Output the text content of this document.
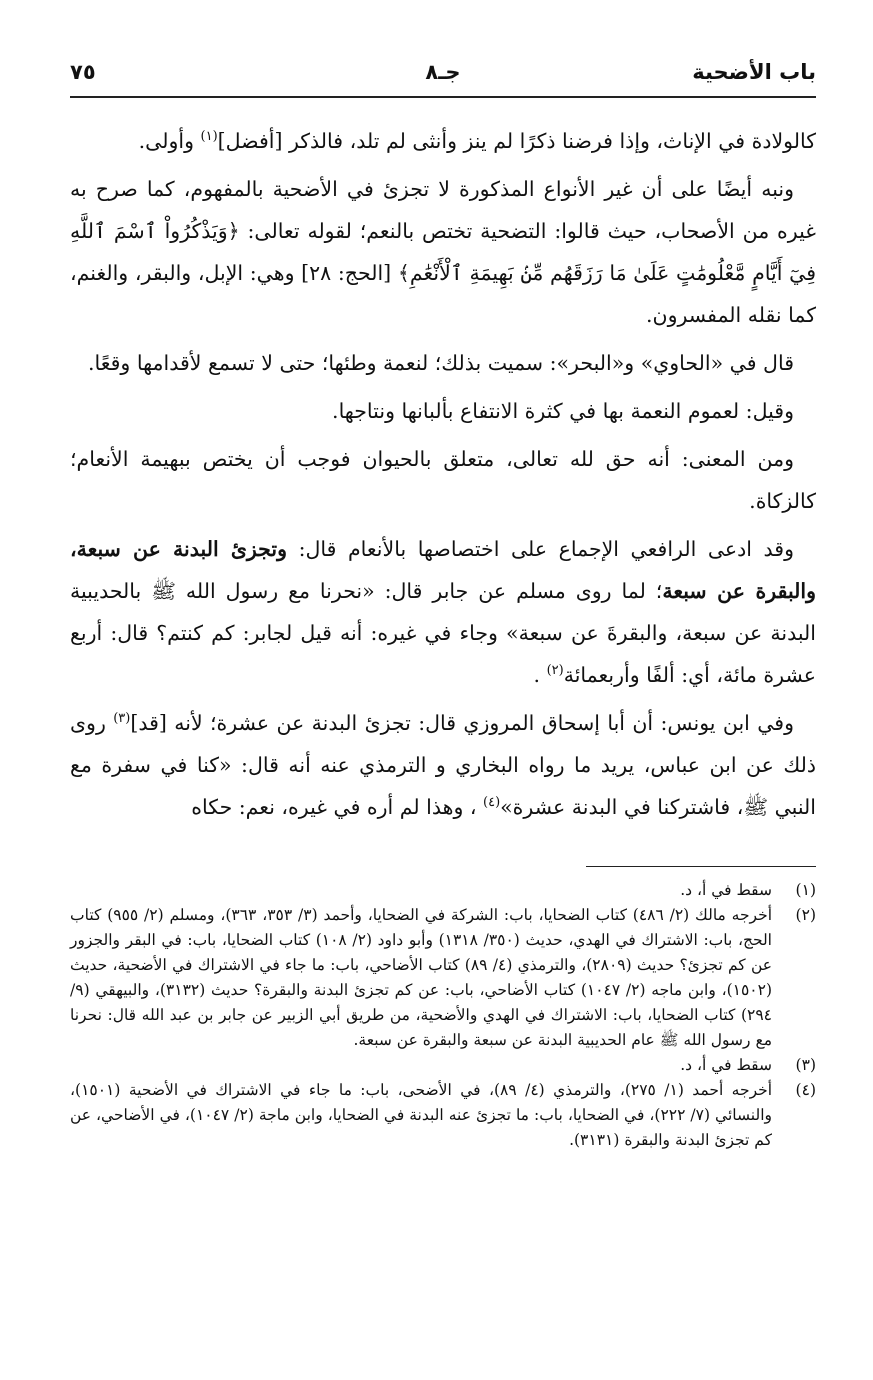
باب الأضحية
جـ٨
٧٥

كالولادة في الإناث، وإذا فرضنا ذكرًا لم ينز وأنثى لم تلد، فالذكر [أفضل]$^{(١)}$ وأولى.

ونبه أيضًا على أن غير الأنواع المذكورة لا تجزئ في الأضحية بالمفهوم، كما صرح به غيره من الأصحاب، حيث قالوا: التضحية تختص بالنعم؛ لقوله تعالى: ﴿وَيَذْكُرُواْ ٱسْمَ ٱللَّهِ فِيٓ أَيَّامٍ مَّعْلُومَٰتٍ عَلَىٰ مَا رَزَقَهُم مِّنۢ بَهِيمَةِ ٱلْأَنْعَٰمِ﴾ [الحج: ٢٨] وهي: الإبل، والبقر، والغنم، كما نقله المفسرون.

قال في «الحاوي» و«البحر»: سميت بذلك؛ لنعمة وطئها؛ حتى لا تسمع لأقدامها وقعًا.

وقيل: لعموم النعمة بها في كثرة الانتفاع بألبانها ونتاجها.

ومن المعنى: أنه حق لله تعالى، متعلق بالحيوان فوجب أن يختص ببهيمة الأنعام؛ كالزكاة.

وقد ادعى الرافعي الإجماع على اختصاصها بالأنعام قال: وتجزئ البدنة عن سبعة، والبقرة عن سبعة؛ لما روى مسلم عن جابر قال: «نحرنا مع رسول الله ﷺ بالحديبية البدنة عن سبعة، والبقرةَ عن سبعة» وجاء في غيره: أنه قيل لجابر: كم كنتم؟ قال: أربع عشرة مائة، أي: ألفًا وأربعمائة$^{(٢)}$ .

وفي ابن يونس: أن أبا إسحاق المروزي قال: تجزئ البدنة عن عشرة؛ لأنه [قد]$^{(٣)}$ روى ذلك عن ابن عباس، يريد ما رواه البخاري و الترمذي عنه أنه قال: «كنا في سفرة مع النبي ﷺ، فاشتركنا في البدنة عشرة»$^{(٤)}$ ، وهذا لم أره في غيره، نعم: حكاه

(١)
سقط في أ، د.
(٢)
أخرجه مالك (٢/ ٤٨٦) كتاب الضحايا، باب: الشركة في الضحايا، وأحمد (٣/ ٣٥٣، ٣٦٣)، ومسلم (٢/ ٩٥٥) كتاب الحج، باب: الاشتراك في الهدي، حديث (٣٥٠/ ١٣١٨) وأبو داود (٢/ ١٠٨) كتاب الضحايا، باب: في البقر والجزور عن كم تجزئ؟ حديث (٢٨٠٩)، والترمذي (٤/ ٨٩) كتاب الأضاحي، باب: ما جاء في الاشتراك في الأضحية، حديث (١٥٠٢)، وابن ماجه (٢/ ١٠٤٧) كتاب الأضاحي، باب: عن كم تجزئ البدنة والبقرة؟ حديث (٣١٣٢)، والبيهقي (٩/ ٢٩٤) كتاب الضحايا، باب: الاشتراك في الهدي والأضحية، من طريق أبي الزبير عن جابر بن عبد الله قال: نحرنا مع رسول الله ﷺ عام الحديبية البدنة عن سبعة والبقرة عن سبعة.
(٣)
سقط في أ، د.
(٤)
أخرجه أحمد (١/ ٢٧٥)، والترمذي (٤/ ٨٩)، في الأضحى، باب: ما جاء في الاشتراك في الأضحية (١٥٠١)، والنسائي (٧/ ٢٢٢)، في الضحايا، باب: ما تجزئ عنه البدنة في الضحايا، وابن ماجة (٢/ ١٠٤٧)، في الأضاحي، عن كم تجزئ البدنة والبقرة (٣١٣١).
